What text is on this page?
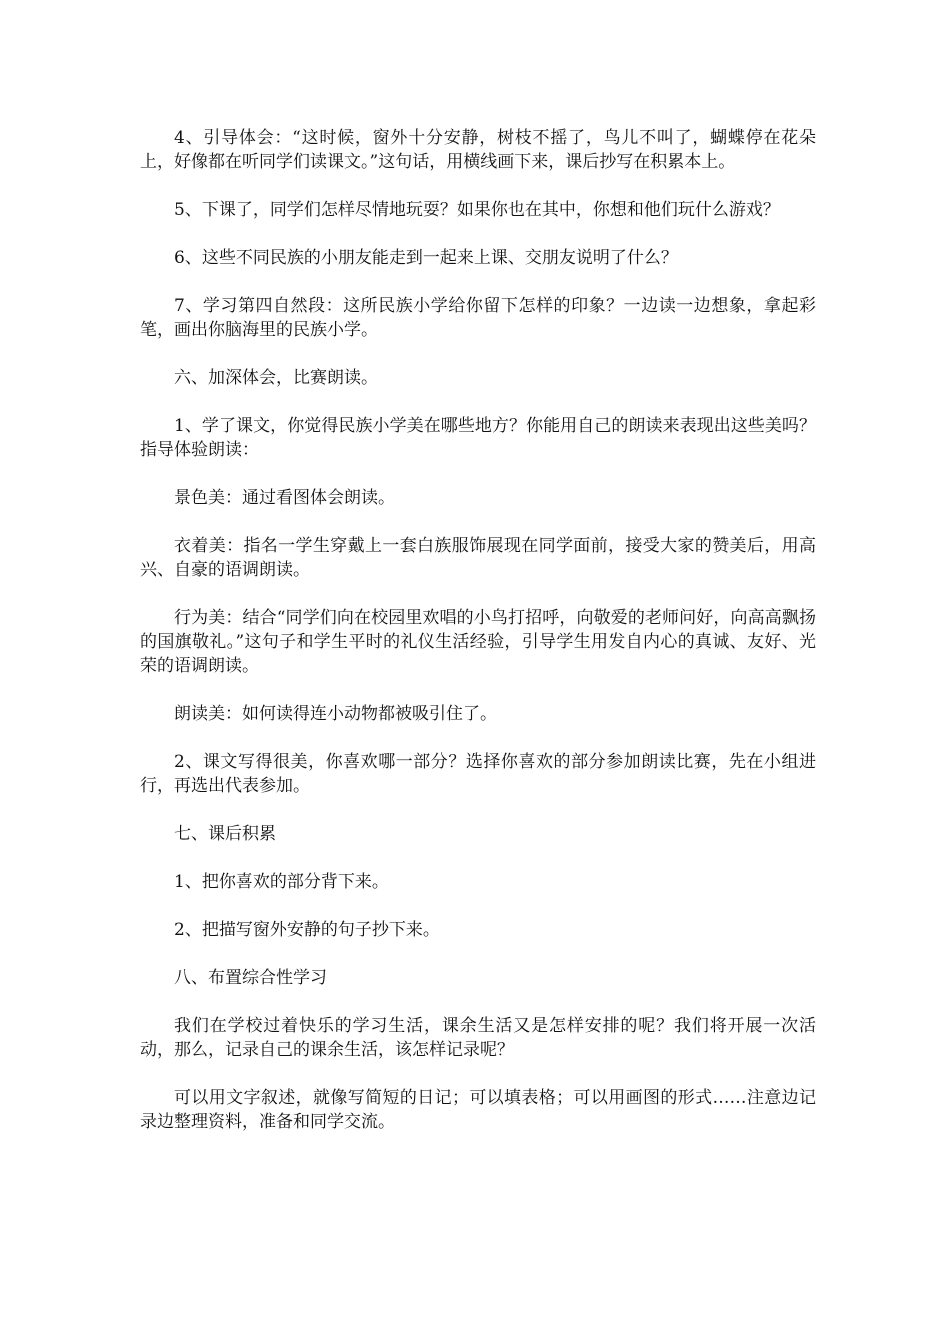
4、引导体会：“这时候，窗外十分安静，树枝不摇了，鸟儿不叫了，蝴蝶停在花朵上，好像都在听同学们读课文。”这句话，用横线画下来，课后抄写在积累本上。

5、下课了，同学们怎样尽情地玩耍？如果你也在其中，你想和他们玩什么游戏？

6、这些不同民族的小朋友能走到一起来上课、交朋友说明了什么？

7、学习第四自然段：这所民族小学给你留下怎样的印象？一边读一边想象，拿起彩笔，画出你脑海里的民族小学。

六、加深体会，比赛朗读。

1、学了课文，你觉得民族小学美在哪些地方？你能用自己的朗读来表现出这些美吗？指导体验朗读：

景色美：通过看图体会朗读。

衣着美：指名一学生穿戴上一套白族服饰展现在同学面前，接受大家的赞美后，用高兴、自豪的语调朗读。

行为美：结合“同学们向在校园里欢唱的小鸟打招呼，向敬爱的老师问好，向高高飘扬的国旗敬礼。”这句子和学生平时的礼仪生活经验，引导学生用发自内心的真诚、友好、光荣的语调朗读。

朗读美：如何读得连小动物都被吸引住了。

2、课文写得很美，你喜欢哪一部分？选择你喜欢的部分参加朗读比赛，先在小组进行，再选出代表参加。

七、课后积累

1、把你喜欢的部分背下来。

2、把描写窗外安静的句子抄下来。

八、布置综合性学习

我们在学校过着快乐的学习生活，课余生活又是怎样安排的呢？我们将开展一次活动，那么，记录自己的课余生活，该怎样记录呢？

可以用文字叙述，就像写简短的日记；可以填表格；可以用画图的形式……注意边记录边整理资料，准备和同学交流。
